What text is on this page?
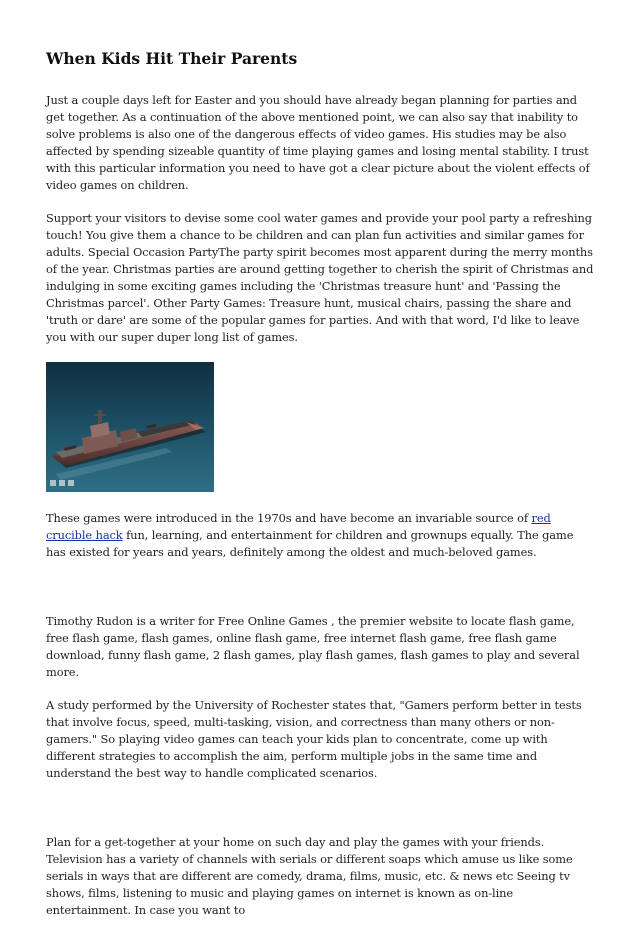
When Kids Hit Their Parents

Just a couple days left for Easter and you should have already began planning for parties and get together. As a continuation of the above mentioned point, we can also say that inability to solve problems is also one of the dangerous effects of video games. His studies may be also affected by spending sizeable quantity of time playing games and losing mental stability. I trust with this particular information you need to have got a clear picture about the violent effects of video games on children.

Support your visitors to devise some cool water games and provide your pool party a refreshing touch! You give them a chance to be children and can plan fun activities and similar games for adults. Special Occasion PartyThe party spirit becomes most apparent during the merry months of the year. Christmas parties are around getting together to cherish the spirit of Christmas and indulging in some exciting games including the 'Christmas treasure hunt' and 'Passing the Christmas parcel'. Other Party Games: Treasure hunt, musical chairs, passing the share and 'truth or dare' are some of the popular games for parties. And with that word, I'd like to leave you with our super duper long list of games.

These games were introduced in the 1970s and have become an invariable source of red crucible hack fun, learning, and entertainment for children and grownups equally. The game has existed for years and years, definitely among the oldest and much-beloved games.

Timothy Rudon is a writer for Free Online Games , the premier website to locate flash game, free flash game, flash games, online flash game, free internet flash game, free flash game download, funny flash game, 2 flash games, play flash games, flash games to play and several more.

A study performed by the University of Rochester states that, "Gamers perform better in tests that involve focus, speed, multi-tasking, vision, and correctness than many others or non-gamers." So playing video games can teach your kids plan to concentrate, come up with different strategies to accomplish the aim, perform multiple jobs in the same time and understand the best way to handle complicated scenarios.

Plan for a get-together at your home on such day and play the games with your friends. Television has a variety of channels with serials or different soaps which amuse us like some serials in ways that are different are comedy, drama, films, music, etc. & news etc Seeing tv shows, films, listening to music and playing games on internet is known as on-line entertainment. In case you want to
